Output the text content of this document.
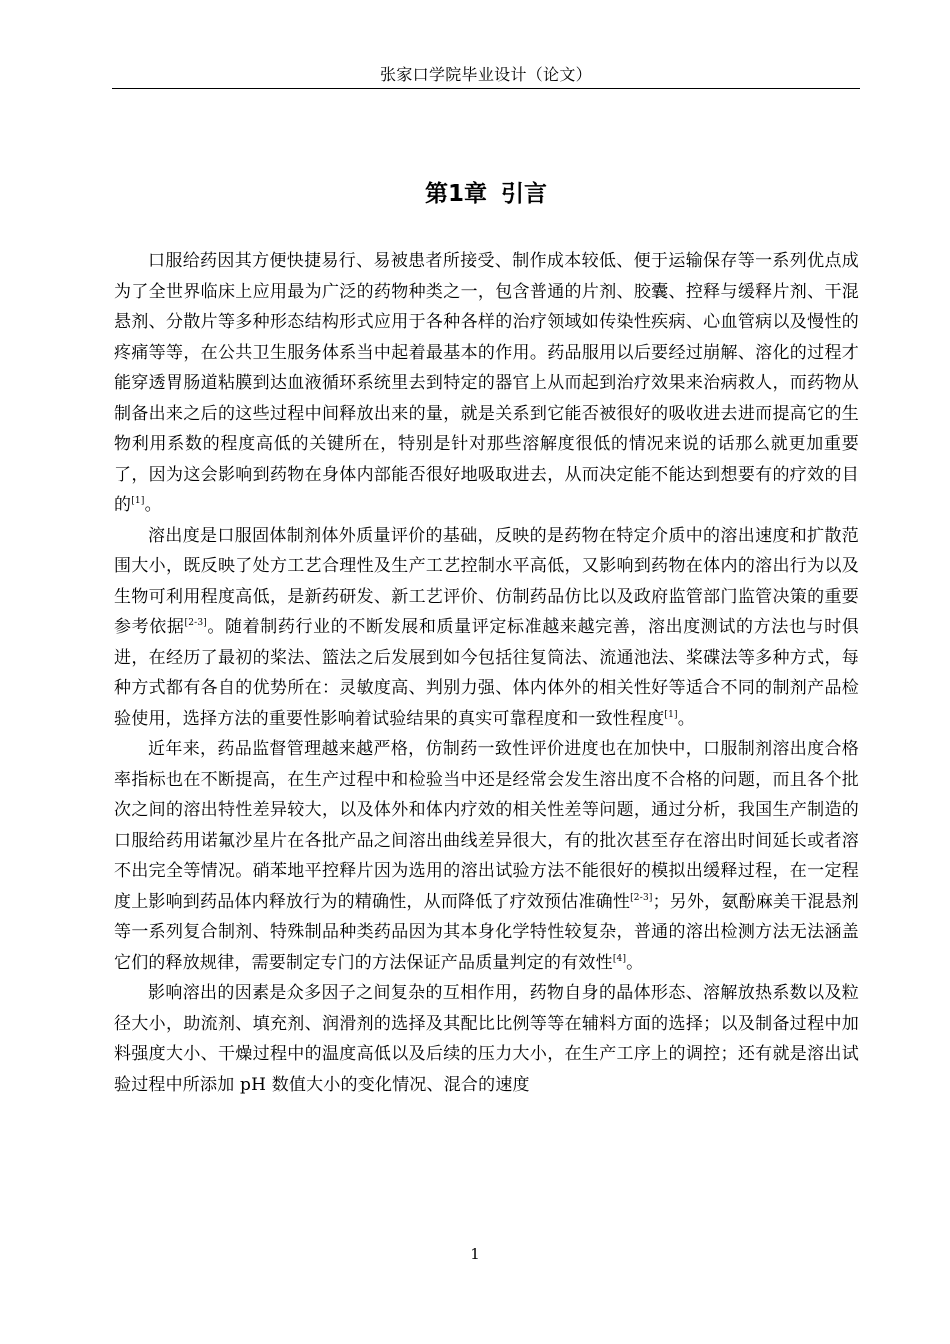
张家口学院毕业设计（论文）
第1章 引言

口服给药因其方便快捷易行、易被患者所接受、制作成本较低、便于运输保存等一系列优点成为了全世界临床上应用最为广泛的药物种类之一，包含普通的片剂、胶囊、控释与缓释片剂、干混悬剂、分散片等多种形态结构形式应用于各种各样的治疗领域如传染性疾病、心血管病以及慢性的疼痛等等，在公共卫生服务体系当中起着最基本的作用。药品服用以后要经过崩解、溶化的过程才能穿透胃肠道粘膜到达血液循环系统里去到特定的器官上从而起到治疗效果来治病救人，而药物从制备出来之后的这些过程中间释放出来的量，就是关系到它能否被很好的吸收进去进而提高它的生物利用系数的程度高低的关键所在，特别是针对那些溶解度很低的情况来说的话那么就更加重要了，因为这会影响到药物在身体内部能否很好地吸取进去，从而决定能不能达到想要有的疗效的目的[1]。

溶出度是口服固体制剂体外质量评价的基础，反映的是药物在特定介质中的溶出速度和扩散范围大小，既反映了处方工艺合理性及生产工艺控制水平高低，又影响到药物在体内的溶出行为以及生物可利用程度高低，是新药研发、新工艺评价、仿制药品仿比以及政府监管部门监管决策的重要参考依据[2-3]。随着制药行业的不断发展和质量评定标准越来越完善，溶出度测试的方法也与时俱进，在经历了最初的桨法、篮法之后发展到如今包括往复筒法、流通池法、桨碟法等多种方式，每种方式都有各自的优势所在：灵敏度高、判别力强、体内体外的相关性好等适合不同的制剂产品检验使用，选择方法的重要性影响着试验结果的真实可靠程度和一致性程度[1]。

近年来，药品监督管理越来越严格，仿制药一致性评价进度也在加快中，口服制剂溶出度合格率指标也在不断提高，在生产过程中和检验当中还是经常会发生溶出度不合格的问题，而且各个批次之间的溶出特性差异较大，以及体外和体内疗效的相关性差等问题，通过分析，我国生产制造的口服给药用诺氟沙星片在各批产品之间溶出曲线差异很大，有的批次甚至存在溶出时间延长或者溶不出完全等情况。硝苯地平控释片因为选用的溶出试验方法不能很好的模拟出缓释过程，在一定程度上影响到药品体内释放行为的精确性，从而降低了疗效预估准确性[2-3]；另外，氨酚麻美干混悬剂等一系列复合制剂、特殊制品种类药品因为其本身化学特性较复杂，普通的溶出检测方法无法涵盖它们的释放规律，需要制定专门的方法保证产品质量判定的有效性[4]。

影响溶出的因素是众多因子之间复杂的互相作用，药物自身的晶体形态、溶解放热系数以及粒径大小，助流剂、填充剂、润滑剂的选择及其配比比例等等在辅料方面的选择；以及制备过程中加料强度大小、干燥过程中的温度高低以及后续的压力大小，在生产工序上的调控；还有就是溶出试验过程中所添加 pH 数值大小的变化情况、混合的速度

1
